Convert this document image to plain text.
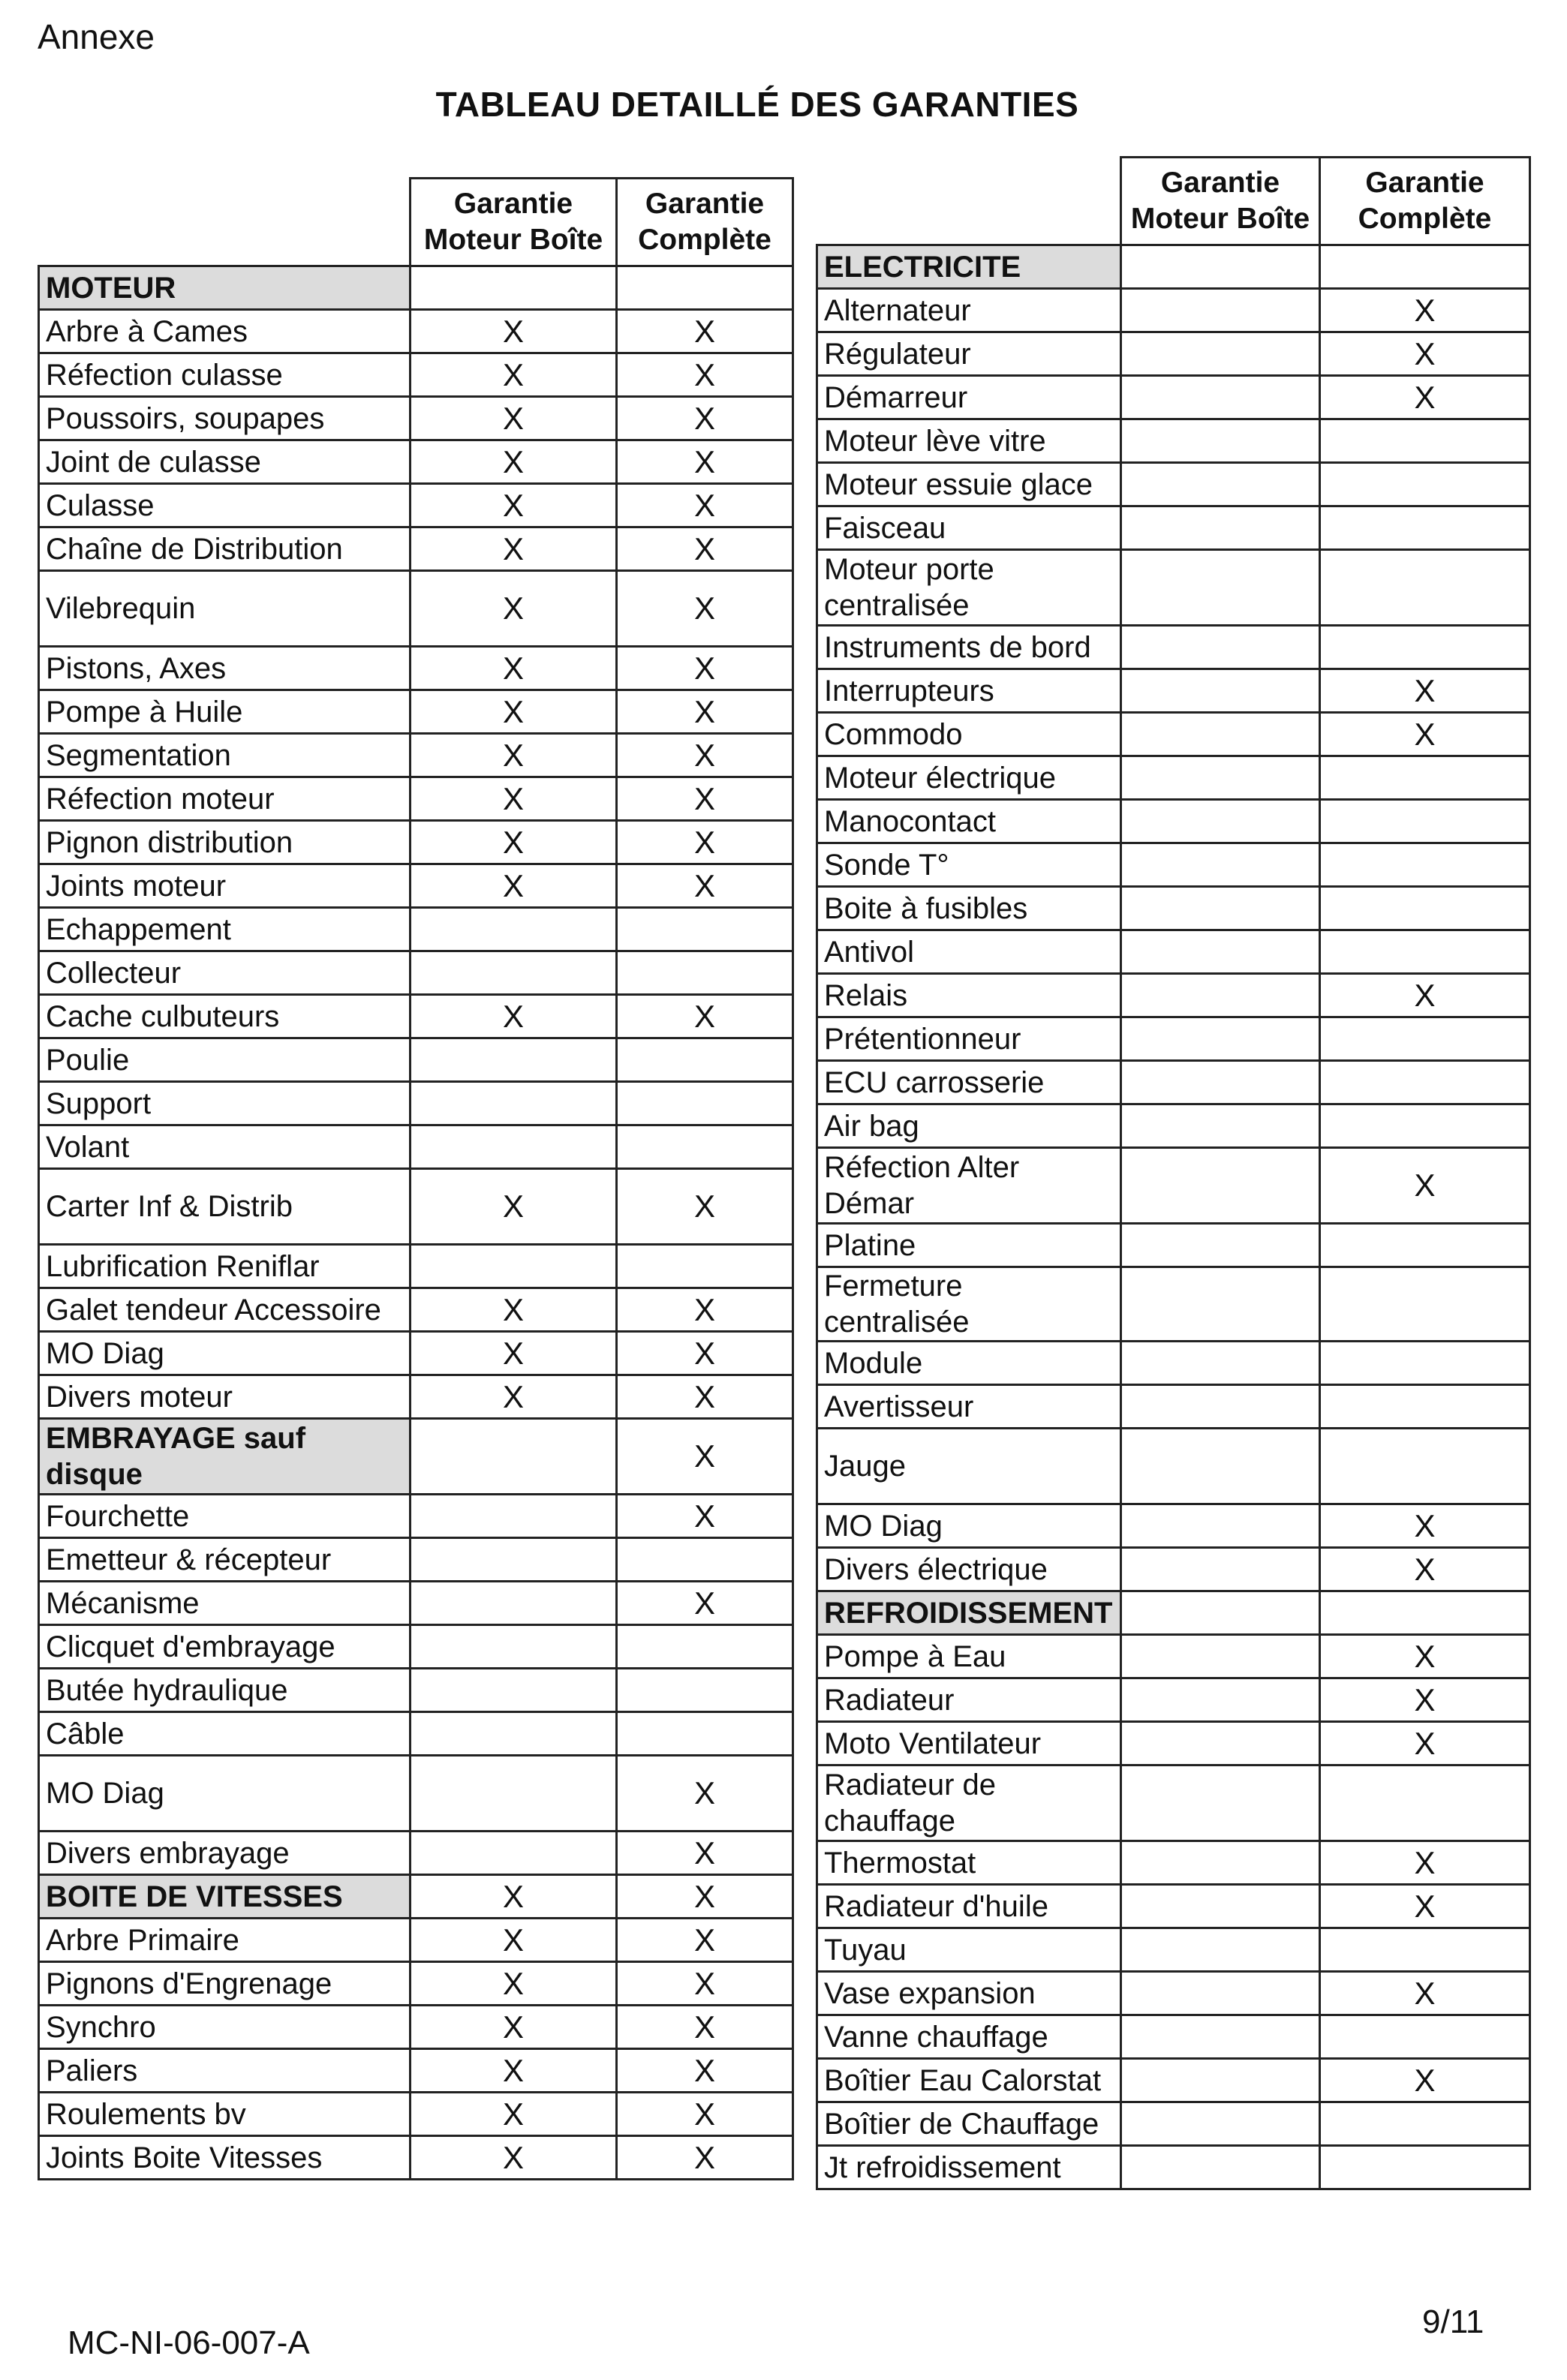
Annexe
TABLEAU DETAILLÉ DES GARANTIES
	Garantie Moteur Boîte	Garantie Complète
MOTEUR		
Arbre à Cames	X	X
Réfection culasse	X	X
Poussoirs, soupapes	X	X
Joint de culasse	X	X
Culasse	X	X
Chaîne de Distribution	X	X
Vilebrequin	X	X
Pistons, Axes	X	X
Pompe à Huile	X	X
Segmentation	X	X
Réfection moteur	X	X
Pignon distribution	X	X
Joints moteur	X	X
Echappement		
Collecteur		
Cache culbuteurs	X	X
Poulie		
Support		
Volant		
Carter Inf & Distrib	X	X
Lubrification Reniflar		
Galet tendeur Accessoire	X	X
MO Diag	X	X
Divers moteur	X	X
EMBRAYAGE sauf disque		X
Fourchette		X
Emetteur & récepteur		
Mécanisme		X
Clicquet d'embrayage		
Butée hydraulique		
Câble		
MO Diag		X
Divers embrayage		X
BOITE DE VITESSES	X	X
Arbre Primaire	X	X
Pignons d'Engrenage	X	X
Synchro	X	X
Paliers	X	X
Roulements bv	X	X
Joints Boite Vitesses	X	X
	Garantie Moteur Boîte	Garantie Complète
ELECTRICITE		
Alternateur		X
Régulateur		X
Démarreur		X
Moteur lève vitre		
Moteur essuie glace		
Faisceau		
Moteur porte centralisée		
Instruments de bord		
Interrupteurs		X
Commodo		X
Moteur électrique		
Manocontact		
Sonde T°		
Boite à fusibles		
Antivol		
Relais		X
Prétentionneur		
ECU carrosserie		
Air bag		
Réfection Alter Démar		X
Platine		
Fermeture centralisée		
Module		
Avertisseur		
Jauge		
MO Diag		X
Divers électrique		X
REFROIDISSEMENT		
Pompe à Eau		X
Radiateur		X
Moto Ventilateur		X
Radiateur de chauffage		
Thermostat		X
Radiateur d'huile		X
Tuyau		
Vase expansion		X
Vanne chauffage		
Boîtier Eau Calorstat		X
Boîtier de Chauffage		
Jt refroidissement		
MC-NI-06-007-A
9/11
